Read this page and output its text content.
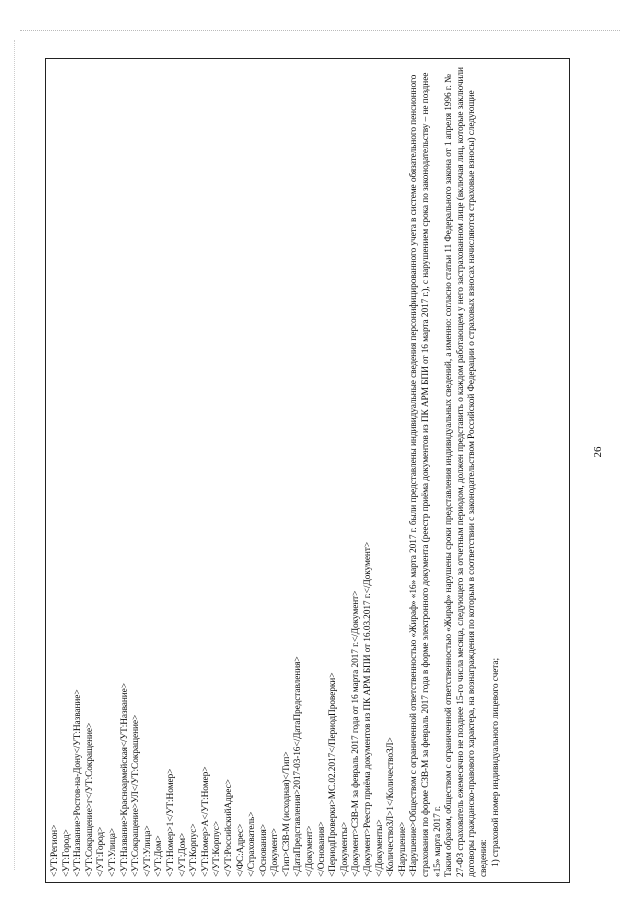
26
<УТ:Регион> <УТ:Город> <УТ:Название>Ростов-на-Дону</УТ:Название> <УТ:Сокращение>г</УТ:Сокращение> </УТ:Город> <УТ:Улица> <УТ:Название>Красноармейская</УТ:Название> <УТ:Сокращение>УЛ</УТ:Сокращение> </УТ:Улица> <УТ:Дом> <УТ:Номер>1</УТ:Номер> </УТ:Дом> <УТ:Корпус> <УТ:Номер>А</УТ:Номер> </УТ:Корпус> </УТ:РоссийскийАдрес> </ФС:Адрес> </Страхователь> <Основания> <Документ> <Тип>СЗВ-М (исходная)</Тип> <ДатаПредставления>2017-03-16</ДатаПредставления> </Документ> </Основания> <ПериодПроверки>МС.02.2017</ПериодПроверки> <Документы> <Документ>СЗВ-М за февраль 2017 года от 16 марта 2017 г.</Документ> <Документ>Реестр приёма документов из ПК АРМ БПИ от 16.03.2017 г.</Документ> </Документы> <КоличествоЗЛ>1</КоличествоЗЛ> <Нарушение> <Нарушение>Обществом с ограниченной ответственностью «Жираф» «16» марта 2017 г. были представлены индивидуальные сведения персонифицированного учета в системе обязательного пенсионного страхования по форме СЗВ-М за февраль 2017 года в форме электронного документа (реестр приёма документов из ПК АРМ БПИ от 16 марта 2017 г.), с нарушением срока по законодательству – не позднее «15» марта 2017 г. Таким образом, обществом с ограниченной ответственностью «Жираф» нарушены сроки представления индивидуальных сведений, а именно: согласно статьи 11 Федерального закона от 1 апреля 1996 г. № 27-ФЗ страхователь ежемесячно не позднее 15-го числа месяца, следующего за отчетным периодом, должен представить о каждом работающем у него застрахованном лице (включая лиц, которые заключили договоры гражданско-правового характера, на вознаграждения по которым в соответствии с законодательством Российской Федерации о страховых взносах начисляются страховые взносы) следующие сведения: 1) страховой номер индивидуального лицевого счета;
